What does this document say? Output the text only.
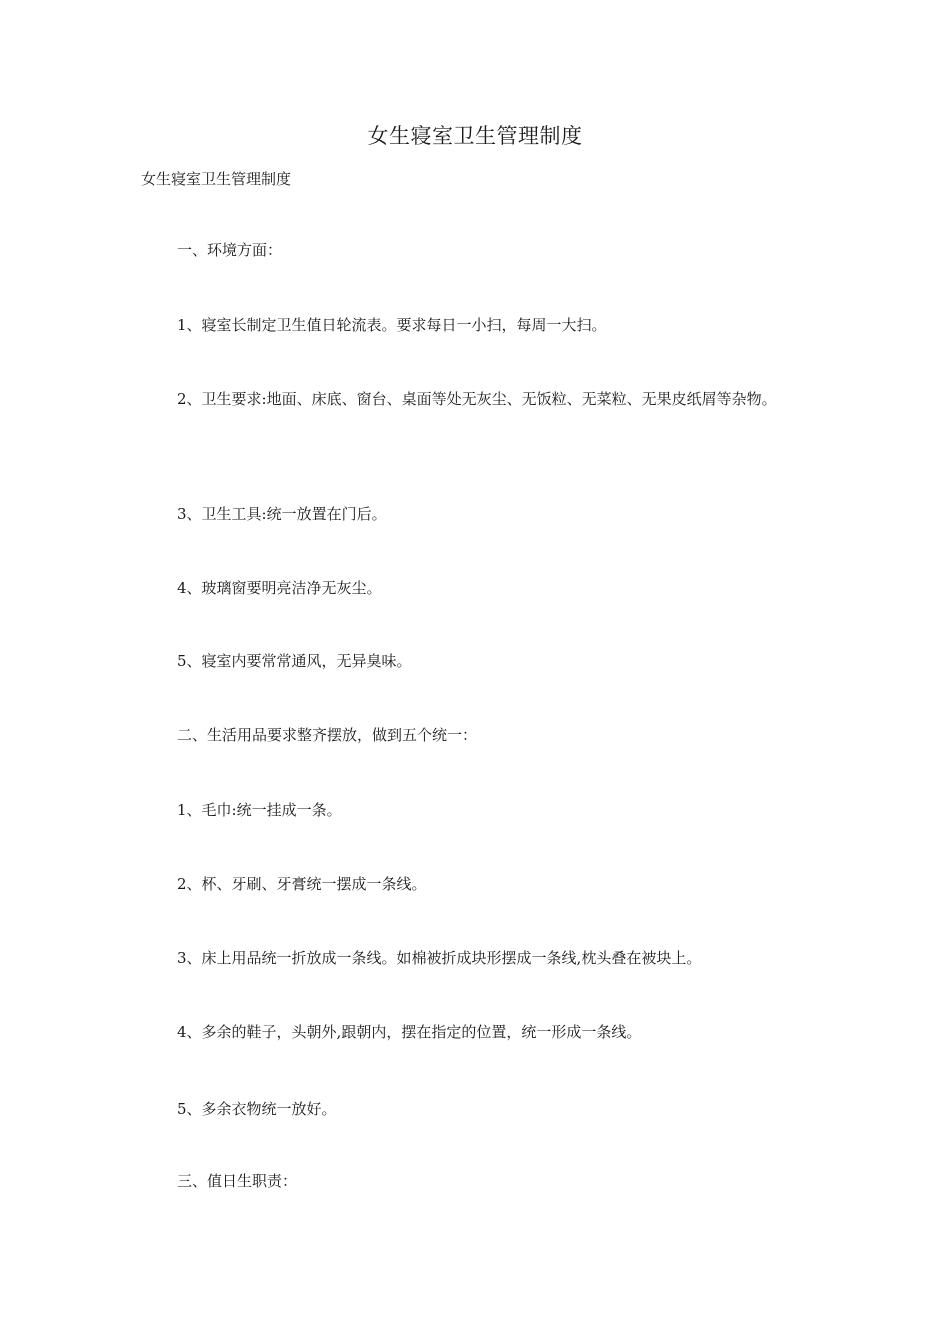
女生寝室卫生管理制度
女生寝室卫生管理制度
一、环境方面：
1、寝室长制定卫生值日轮流表。要求每日一小扫，每周一大扫。
2、卫生要求:地面、床底、窗台、桌面等处无灰尘、无饭粒、无菜粒、无果皮纸屑等杂物。
3、卫生工具:统一放置在门后。
4、玻璃窗要明亮洁净无灰尘。
5、寝室内要常常通风，无异臭味。
二、生活用品要求整齐摆放，做到五个统一：
1、毛巾:统一挂成一条。
2、杯、牙刷、牙膏统一摆成一条线。
3、床上用品统一折放成一条线。如棉被折成块形摆成一条线,枕头叠在被块上。
4、多余的鞋子，头朝外,跟朝内，摆在指定的位置，统一形成一条线。
5、多余衣物统一放好。
三、值日生职责：
